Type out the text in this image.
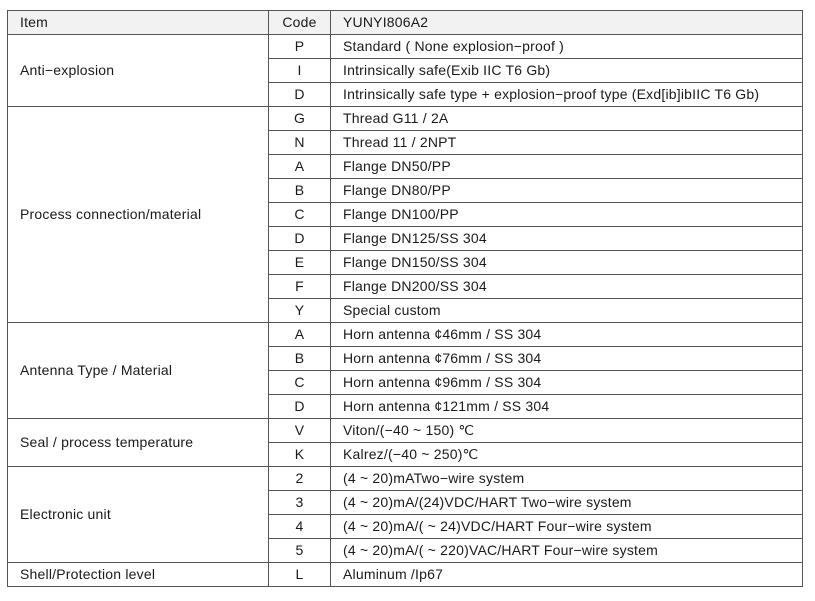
Item	Code	YUNYI806A2
Anti−explosion	P	Standard ( None explosion−proof )
	I	Intrinsically safe(Exib IIC T6 Gb)
	D	Intrinsically safe type + explosion−proof type (Exd[ib]ibIIC T6 Gb)
Process connection/material	G	Thread G11 / 2A
	N	Thread 11 / 2NPT
	A	Flange DN50/PP
	B	Flange DN80/PP
	C	Flange DN100/PP
	D	Flange DN125/SS 304
	E	Flange DN150/SS 304
	F	Flange DN200/SS 304
	Y	Special custom
Antenna Type / Material	A	Horn antenna ¢46mm / SS 304
	B	Horn antenna ¢76mm / SS 304
	C	Horn antenna ¢96mm / SS 304
	D	Horn antenna ¢121mm / SS 304
Seal / process temperature	V	Viton/(−40 ~ 150) ℃
	K	Kalrez/(−40 ~ 250)℃
Electronic unit	2	(4 ~ 20)mATwo−wire system
	3	(4 ~ 20)mA/(24)VDC/HART Two−wire system
	4	(4 ~ 20)mA/( ~ 24)VDC/HART Four−wire system
	5	(4 ~ 20)mA/( ~ 220)VAC/HART Four−wire system
Shell/Protection level	L	Aluminum /Ip67
